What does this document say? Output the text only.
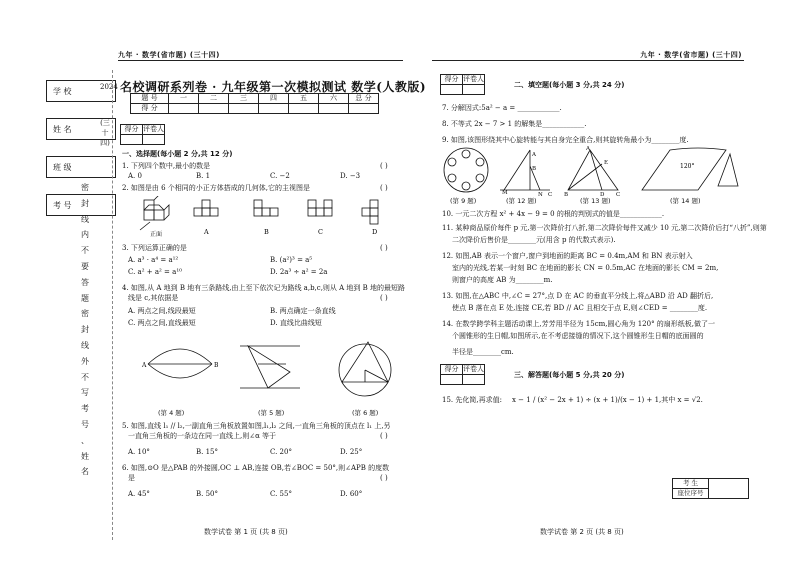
九年 · 数学(省市题) (三十四)	九年 · 数学(省市题) (三十四)
学 校
姓 名
班 级
考 号
2024
(三十四)
密
封
线
内
不
要
答
题
密
封
线
外
不
写
考
号
、
姓
名
名校调研系列卷 · 九年级第一次模拟测试 数学(人教版)
题 号	一	二	三	四	五	六	总 分
得 分							
得分	评卷人

一、选择题(每小题 2 分,共 12 分)
1. 下列四个数中,最小的数是	( )
A. 0	B. 1	C. −2	D. −3
2. 如图是由 6 个相同的小正方体搭成的几何体,它的主视图是	( )
正面	A	B	C	D
3. 下列运算正确的是	( )
A. a³ · a⁴ = a¹²	B. (a²)³ = a⁵
C. a² + a² = a¹⁰	D. 2a³ ÷ a² = 2a
4. 如图,从 A 地到 B 地有三条路线,由上至下依次记为路线 a,b,c,则从 A 地到 B 地的最短路
线是 c,其依据是	( )
A. 两点之间,线段最短	B. 两点确定一条直线
C. 两点之间,直线最短	D. 直线比曲线短
A	B
(第 4 题)	(第 5 题)	(第 6 题)
5. 如图,直线 l₁ // l₂,一副直角三角板放置如图,l₁,l₂ 之间,一直角三角板的顶点在 l₁ 上,另
一直角三角板的一条边在同一直线上,则∠α 等于	( )
A. 10°	B. 15°	C. 20°	D. 25°
6. 如图,⊙O 是△PAB 的外接圆,OC ⊥ AB,连接 OB,若∠BOC = 50°,则∠APB 的度数
是	( )
A. 45°	B. 50°	C. 55°	D. 60°
数学试卷 第 1 页 (共 8 页)
得分	评卷人

二、填空题(每小题 3 分,共 24 分)
7. 分解因式:5a² − a = ____________.
8. 不等式 2x − 7 > 1 的解集是____________.
9. 如图,该图形绕其中心旋转能与其自身完全重合,则其旋转角最小为________度.
M
A
B
N C
A
B	D C
E	120°
(第 9 题)	(第 12 题)	(第 13 题)	(第 14 题)
10. 一元二次方程 x² + 4x − 9 = 0 的根的判别式的值是____________.
11. 某种商品原价每件 p 元,第一次降价打八折,第二次降价每件又减少 10 元,第二次降价后打“八折”,则第
二次降价后售价是________元(用含 p 的代数式表示).
12. 如图,AB 表示一个窗户,窗户到地面的距离 BC = 0.4m,AM 和 BN 表示射入
室内的光线,若某一时刻 BC 在地面的影长 CN = 0.5m,AC 在地面的影长 CM = 2m,
则窗户的高度 AB 为________m.
13. 如图,在△ABC 中,∠C = 27°,点 D 在 AC 的垂直平分线上,将△ABD 沿 AD 翻折后,
使点 B 落在点 E 处,连接 CE,若 BD // AC 且相交于点 E,则∠CED = ________度.
14. 在数学跨学科主题活动课上,芳芳用半径为 15cm,圆心角为 120° 的扇形纸板,做了一
个圆锥形的生日帽,如图所示,在不考虑接缝的情况下,这个圆锥形生日帽的底面圆的
半径是________cm.
得分	评卷人

三、解答题(每小题 5 分,共 20 分)
15. 先化简,再求值: x − 1 / (x² − 2x + 1) ÷ (x + 1)/(x − 1) + 1,其中 x = √2.
考 生	
座位序号
数学试卷 第 2 页 (共 8 页)
